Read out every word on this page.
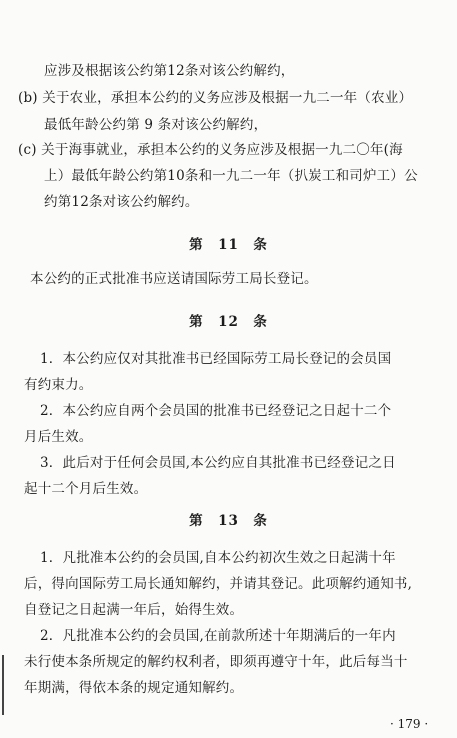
应涉及根据该公约第12条对该公约解约，
(b) 关于农业，承担本公约的义务应涉及根据一九二一年（农业）
最低年龄公约第 9 条对该公约解约，
(c) 关于海事就业，承担本公约的义务应涉及根据一九二〇年(海
上）最低年龄公约第10条和一九二一年（扒炭工和司炉工）公
约第12条对该公约解约。
第　11　条
本公约的正式批准书应送请国际劳工局长登记。
第　12　条
1．本公约应仅对其批准书已经国际劳工局长登记的会员国
有约束力。
2．本公约应自两个会员国的批准书已经登记之日起十二个
月后生效。
3．此后对于任何会员国,本公约应自其批准书已经登记之日
起十二个月后生效。
第　13　条
1．凡批准本公约的会员国,自本公约初次生效之日起满十年
后，得向国际劳工局长通知解约，并请其登记。此项解约通知书,
自登记之日起满一年后，始得生效。
2．凡批准本公约的会员国,在前款所述十年期满后的一年内
未行使本条所规定的解约权利者，即须再遵守十年，此后每当十
年期满，得依本条的规定通知解约。
· 179 ·
